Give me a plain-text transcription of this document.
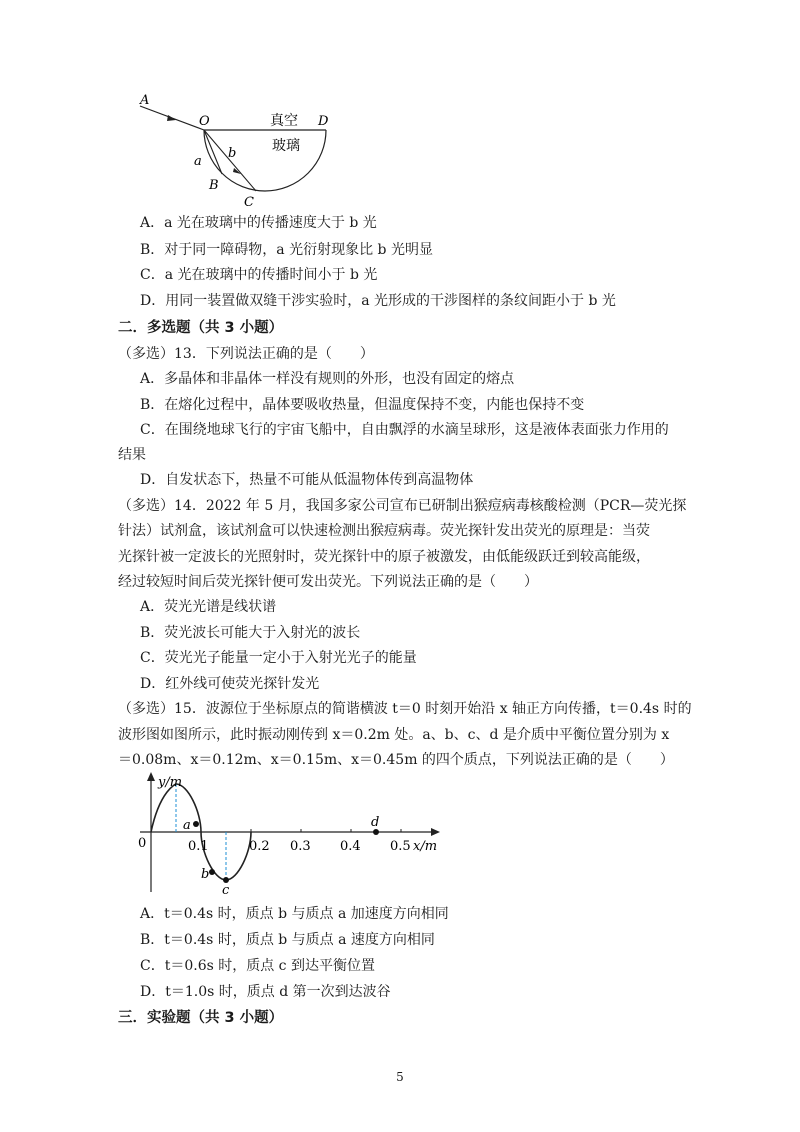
A
O	D
真空
玻璃
a
b
B
C
A．a 光在玻璃中的传播速度大于 b 光
B．对于同一障碍物，a 光衍射现象比 b 光明显
C．a 光在玻璃中的传播时间小于 b 光
D．用同一装置做双缝干涉实验时，a 光形成的干涉图样的条纹间距小于 b 光
二．多选题（共 3 小题）
（多选）13．下列说法正确的是（　　）
A．多晶体和非晶体一样没有规则的外形，也没有固定的熔点
B．在熔化过程中，晶体要吸收热量，但温度保持不变，内能也保持不变
C．在围绕地球飞行的宇宙飞船中，自由飘浮的水滴呈球形，这是液体表面张力作用的
结果
D．自发状态下，热量不可能从低温物体传到高温物体
（多选）14．2022 年 5 月，我国多家公司宣布已研制出猴痘病毒核酸检测（PCR—荧光探
针法）试剂盒，该试剂盒可以快速检测出猴痘病毒。荧光探针发出荧光的原理是：当荧
光探针被一定波长的光照射时，荧光探针中的原子被激发，由低能级跃迁到较高能级，
经过较短时间后荧光探针便可发出荧光。下列说法正确的是（　　）
A．荧光光谱是线状谱
B．荧光波长可能大于入射光的波长
C．荧光光子能量一定小于入射光光子的能量
D．红外线可使荧光探针发光
（多选）15．波源位于坐标原点的简谐横波 t＝0 时刻开始沿 x 轴正方向传播，t＝0.4s 时的
波形图如图所示，此时振动刚传到 x＝0.2m 处。a、b、c、d 是介质中平衡位置分别为 x
＝0.08m、x＝0.12m、x＝0.15m、x＝0.45m 的四个质点，下列说法正确的是（　　）
y/m
0	0.1	0.2 0.3 0.4 0.5 x/m
a
b
c
d
A．t＝0.4s 时，质点 b 与质点 a 加速度方向相同
B．t＝0.4s 时，质点 b 与质点 a 速度方向相同
C．t＝0.6s 时，质点 c 到达平衡位置
D．t＝1.0s 时，质点 d 第一次到达波谷
三．实验题（共 3 小题）
5
